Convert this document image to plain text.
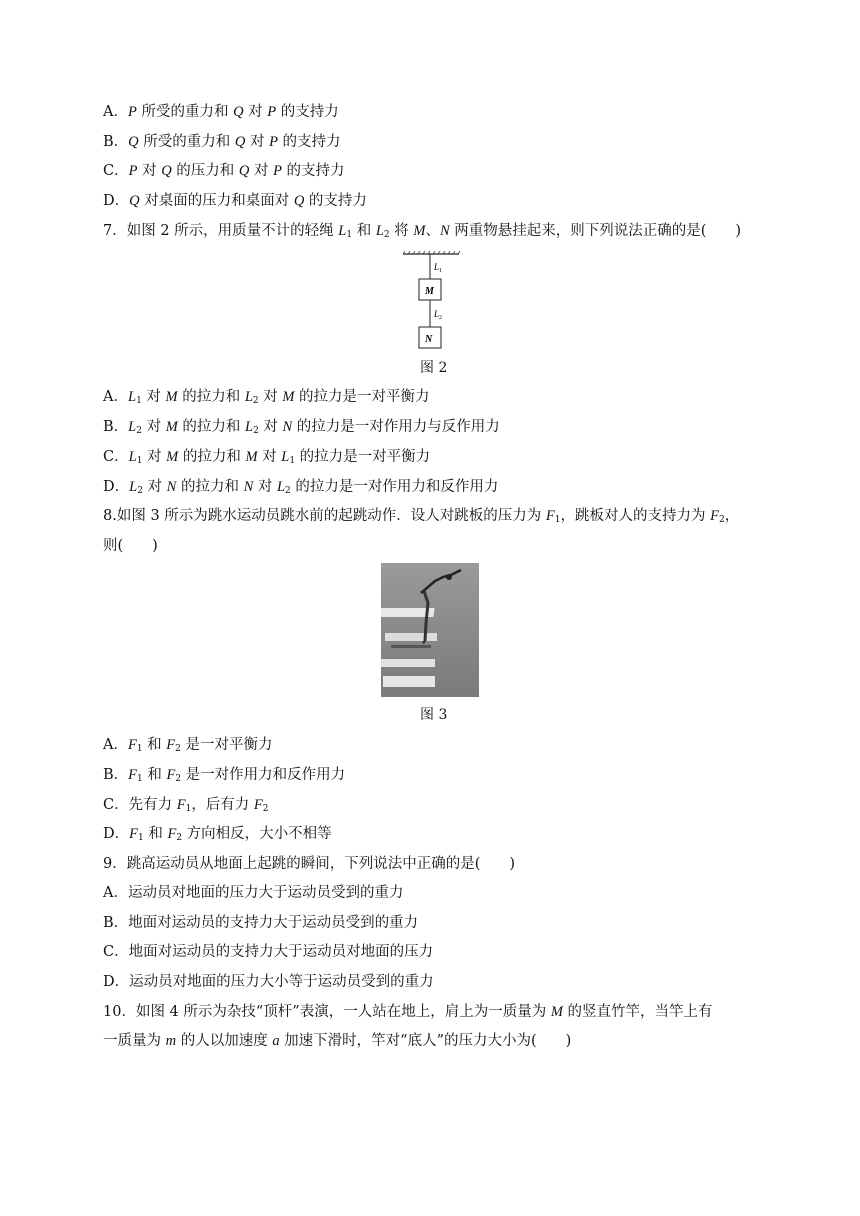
A．P 所受的重力和 Q 对 P 的支持力
B．Q 所受的重力和 Q 对 P 的支持力
C．P 对 Q 的压力和 Q 对 P 的支持力
D．Q 对桌面的压力和桌面对 Q 的支持力
7．如图 2 所示，用质量不计的轻绳 $L_1$ 和 $L_2$ 将 M、N 两重物悬挂起来，则下列说法正确的是(　　)
L 1
M
L 2
N
图 2
A．$L_1$ 对 M 的拉力和 $L_2$ 对 M 的拉力是一对平衡力
B．$L_2$ 对 M 的拉力和 $L_2$ 对 N 的拉力是一对作用力与反作用力
C．$L_1$ 对 M 的拉力和 M 对 $L_1$ 的拉力是一对平衡力
D．$L_2$ 对 N 的拉力和 N 对 $L_2$ 的拉力是一对作用力和反作用力
8.如图 3 所示为跳水运动员跳水前的起跳动作．设人对跳板的压力为 $F_1$，跳板对人的支持力为 $F_2$，
则(　　)
图 3
A．$F_1$ 和 $F_2$ 是一对平衡力
B．$F_1$ 和 $F_2$ 是一对作用力和反作用力
C．先有力 $F_1$，后有力 $F_2$
D．$F_1$ 和 $F_2$ 方向相反，大小不相等
9．跳高运动员从地面上起跳的瞬间，下列说法中正确的是(　　)
A．运动员对地面的压力大于运动员受到的重力
B．地面对运动员的支持力大于运动员受到的重力
C．地面对运动员的支持力大于运动员对地面的压力
D．运动员对地面的压力大小等于运动员受到的重力
10．如图 4 所示为杂技“顶杆”表演，一人站在地上，肩上为一质量为 M 的竖直竹竿，当竿上有
一质量为 m 的人以加速度 a 加速下滑时，竿对“底人”的压力大小为(　　)
